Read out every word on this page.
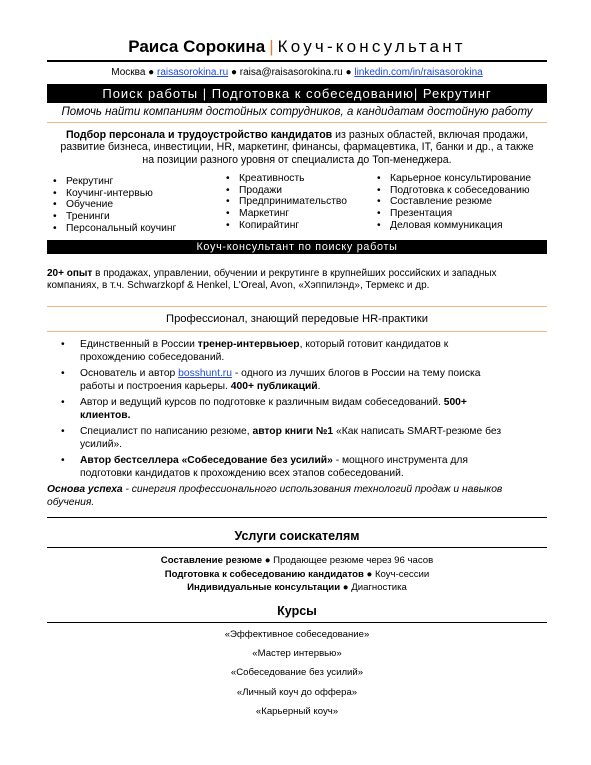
Раиса Сорокина | Коуч-консультант
Москва ● raisasorokina.ru ● raisa@raisasorokina.ru ● linkedin.com/in/raisasorokina
Поиск работы | Подготовка к собеседованию| Рекрутинг
Помочь найти компаниям достойных сотрудников, а кандидатам достойную работу
Подбор персонала и трудоустройство кандидатов из разных областей, включая продажи,
развитие бизнеса, инвестиции, HR, маркетинг, финансы, фармацевтика, IT, банки и др., а также
на позиции разного уровня от специалиста до Топ-менеджера.
• Рекрутинг
• Коучинг-интервью
• Обучение
• Тренинги
• Персональный коучинг
• Креативность
• Продажи
• Предпринимательство
• Маркетинг
• Копирайтинг
• Карьерное консультирование
• Подготовка к собеседованию
• Составление резюме
• Презентация
• Деловая коммуникация
Коуч-консультант по поиску работы
20+ опыт в продажах, управлении, обучении и рекрутинге в крупнейших российских и западных компаниях, в т.ч. Schwarzkopf & Henkel, L'Oreal, Avon, «Хэппилэнд», Термекс и др.
Профессионал, знающий передовые HR-практики
• Единственный в России тренер-интервьюер, который готовит кандидатов к прохождению собеседований.
• Основатель и автор bosshunt.ru - одного из лучших блогов в России на тему поиска работы и построения карьеры. 400+ публикаций.
• Автор и ведущий курсов по подготовке к различным видам собеседований. 500+ клиентов.
• Специалист по написанию резюме, автор книги №1 «Как написать SMART-резюме без усилий».
• Автор бестселлера «Собеседование без усилий» - мощного инструмента для подготовки кандидатов к прохождению всех этапов собеседований.
Основа успеха - синергия профессионального использования технологий продаж и навыков обучения.
Услуги соискателям
Составление резюме ● Продающее резюме через 96 часов
Подготовка к собеседованию кандидатов ● Коуч-сессии
Индивидуальные консультации ● Диагностика
Курсы
«Эффективное собеседование»
«Мастер интервью»
«Собеседование без усилий»
«Личный коуч до оффера»
«Карьерный коуч»
